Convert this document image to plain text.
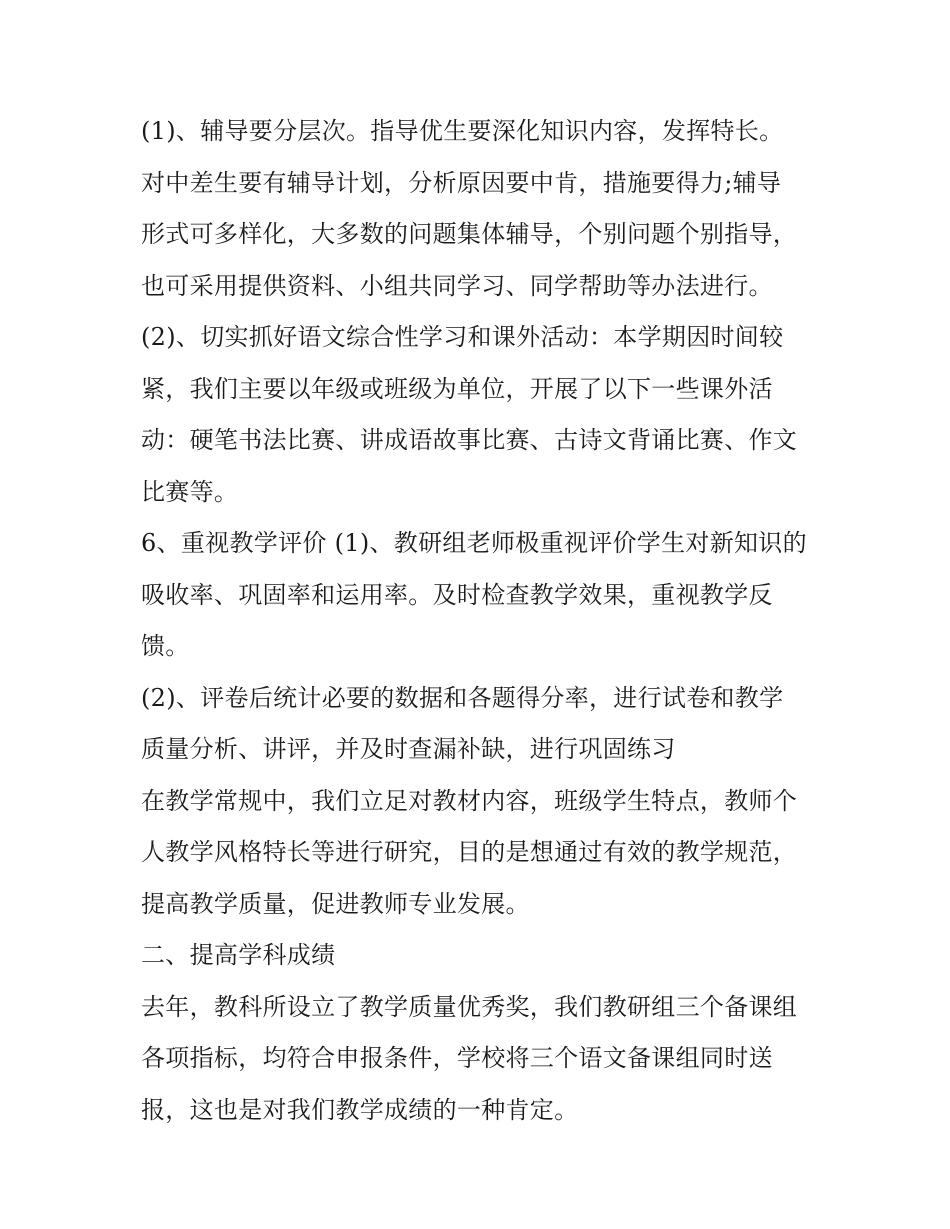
(1)、辅导要分层次。指导优生要深化知识内容，发挥特长。
对中差生要有辅导计划，分析原因要中肯，措施要得力;辅导
形式可多样化，大多数的问题集体辅导，个别问题个别指导，
也可采用提供资料、小组共同学习、同学帮助等办法进行。
(2)、切实抓好语文综合性学习和课外活动：本学期因时间较
紧，我们主要以年级或班级为单位，开展了以下一些课外活
动：硬笔书法比赛、讲成语故事比赛、古诗文背诵比赛、作文
比赛等。
6、重视教学评价 (1)、教研组老师极重视评价学生对新知识的
吸收率、巩固率和运用率。及时检查教学效果，重视教学反
馈。
(2)、评卷后统计必要的数据和各题得分率，进行试卷和教学
质量分析、讲评，并及时查漏补缺，进行巩固练习
在教学常规中，我们立足对教材内容，班级学生特点，教师个
人教学风格特长等进行研究，目的是想通过有效的教学规范，
提高教学质量，促进教师专业发展。
二、提高学科成绩
去年，教科所设立了教学质量优秀奖，我们教研组三个备课组
各项指标，均符合申报条件，学校将三个语文备课组同时送
报，这也是对我们教学成绩的一种肯定。
